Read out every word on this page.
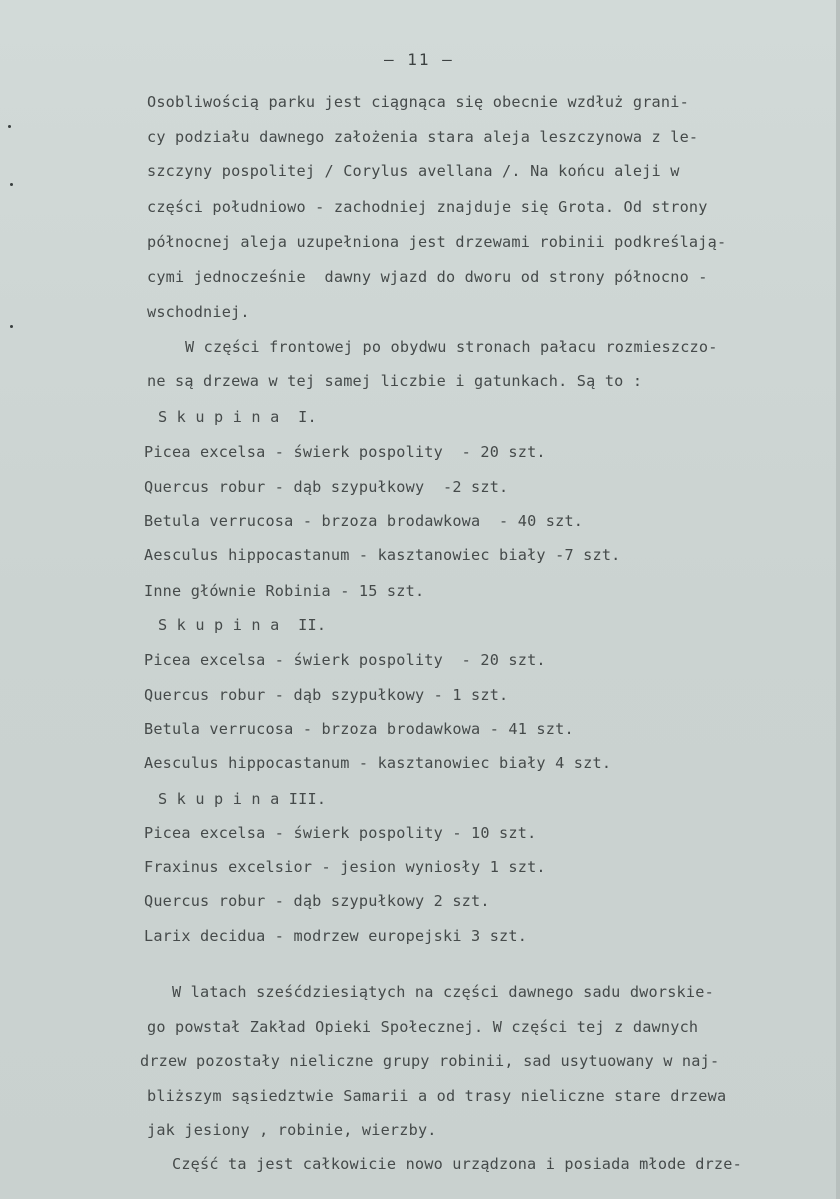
– 11 –
Osobliwością parku jest ciągnąca się obecnie wzdłuż grani-
cy podziału dawnego założenia stara aleja leszczynowa z le-
szczyny pospolitej / Corylus avellana /. Na końcu aleji w
części południowo - zachodniej znajduje się Grota. Od strony
północnej aleja uzupełniona jest drzewami robinii podkreślają-
cymi jednocześnie  dawny wjazd do dworu od strony północno -
wschodniej.
W części frontowej po obydwu stronach pałacu rozmieszczo-
ne są drzewa w tej samej liczbie i gatunkach. Są to :
S k u p i n a  I.
Picea excelsa - świerk pospolity  - 20 szt.
Quercus robur - dąb szypułkowy  -2 szt.
Betula verrucosa - brzoza brodawkowa  - 40 szt.
Aesculus hippocastanum - kasztanowiec biały -7 szt.
Inne głównie Robinia - 15 szt.
S k u p i n a  II.
Picea excelsa - świerk pospolity  - 20 szt.
Quercus robur - dąb szypułkowy - 1 szt.
Betula verrucosa - brzoza brodawkowa - 41 szt.
Aesculus hippocastanum - kasztanowiec biały 4 szt.
S k u p i n a III.
Picea excelsa - świerk pospolity - 10 szt.
Fraxinus excelsior - jesion wyniosły 1 szt.
Quercus robur - dąb szypułkowy 2 szt.
Larix decidua - modrzew europejski 3 szt.
W latach sześćdziesiątych na części dawnego sadu dworskie-
go powstał Zakład Opieki Społecznej. W części tej z dawnych
drzew pozostały nieliczne grupy robinii, sad usytuowany w naj-
bliższym sąsiedztwie Samarii a od trasy nieliczne stare drzewa
jak jesiony , robinie, wierzby.
Część ta jest całkowicie nowo urządzona i posiada młode drze-
